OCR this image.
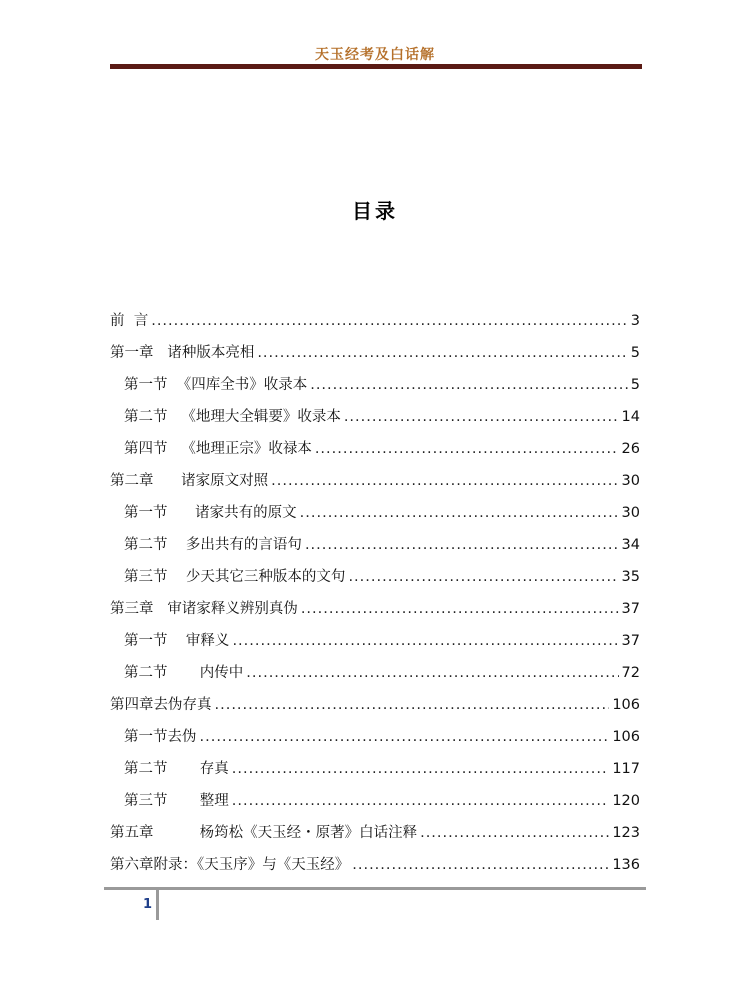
天玉经考及白话解
目录
前  言 .....	3
第一章   诸种版本亮相 .....	5
第一节  《四库全书》收录本 .....	5
第二节   《地理大全辑要》收录本 .....	14
第四节   《地理正宗》收禄本 .....	26
第二章      诸家原文对照 .....	30
第一节      诸家共有的原文 .....	30
第二节    多出共有的言语句 .....	34
第三节    少天其它三种版本的文句 .....	35
第三章   审诸家释义辨别真伪 .....	37
第一节    审释义 .....	37
第二节       内传中 .....	72
第四章去伪存真 .....	106
第一节去伪 .....	106
第二节       存真 .....	117
第三节       整理 .....	120
第五章          杨筠松《天玉经・原著》白话注释 .....	123
第六章附录：《天玉序》与《天玉经》 .....	136
1
